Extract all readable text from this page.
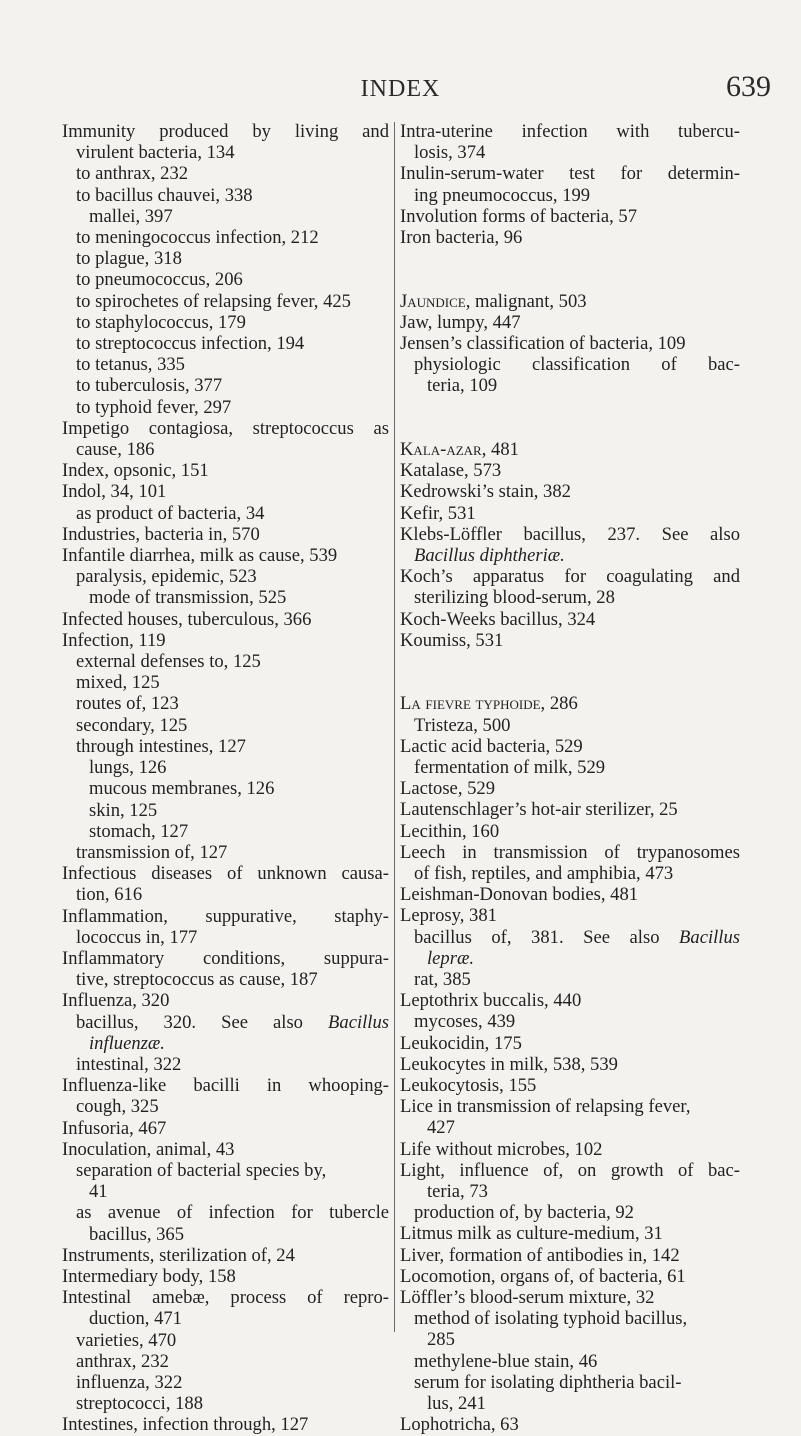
INDEX	639
Immunity produced by living and
virulent bacteria, 134
to anthrax, 232
to bacillus chauvei, 338
mallei, 397
to meningococcus infection, 212
to plague, 318
to pneumococcus, 206
to spirochetes of relapsing fever, 425
to staphylococcus, 179
to streptococcus infection, 194
to tetanus, 335
to tuberculosis, 377
to typhoid fever, 297
Impetigo contagiosa, streptococcus as
cause, 186
Index, opsonic, 151
Indol, 34, 101
as product of bacteria, 34
Industries, bacteria in, 570
Infantile diarrhea, milk as cause, 539
paralysis, epidemic, 523
mode of transmission, 525
Infected houses, tuberculous, 366
Infection, 119
external defenses to, 125
mixed, 125
routes of, 123
secondary, 125
through intestines, 127
lungs, 126
mucous membranes, 126
skin, 125
stomach, 127
transmission of, 127
Infectious diseases of unknown causa-
tion, 616
Inflammation, suppurative, staphy-
lococcus in, 177
Inflammatory conditions, suppura-
tive, streptococcus as cause, 187
Influenza, 320
bacillus, 320. See also Bacillus
influenzæ.
intestinal, 322
Influenza-like bacilli in whooping-
cough, 325
Infusoria, 467
Inoculation, animal, 43
separation of bacterial species by,
41
as avenue of infection for tubercle
bacillus, 365
Instruments, sterilization of, 24
Intermediary body, 158
Intestinal amebæ, process of repro-
duction, 471
varieties, 470
anthrax, 232
influenza, 322
streptococci, 188
Intestines, infection through, 127
Intra-uterine infection with tubercu-
losis, 374
Inulin-serum-water test for determin-
ing pneumococcus, 199
Involution forms of bacteria, 57
Iron bacteria, 96
Jaundice, malignant, 503
Jaw, lumpy, 447
Jensen’s classification of bacteria, 109
physiologic classification of bac-
teria, 109
Kala-azar, 481
Katalase, 573
Kedrowski’s stain, 382
Kefir, 531
Klebs-Löffler bacillus, 237. See also
Bacillus diphtheriæ.
Koch’s apparatus for coagulating and
sterilizing blood-serum, 28
Koch-Weeks bacillus, 324
Koumiss, 531
La fievre typhoide, 286
Tristeza, 500
Lactic acid bacteria, 529
fermentation of milk, 529
Lactose, 529
Lautenschlager’s hot-air sterilizer, 25
Lecithin, 160
Leech in transmission of trypanosomes
of fish, reptiles, and amphibia, 473
Leishman-Donovan bodies, 481
Leprosy, 381
bacillus of, 381. See also Bacillus
lepræ.
rat, 385
Leptothrix buccalis, 440
mycoses, 439
Leukocidin, 175
Leukocytes in milk, 538, 539
Leukocytosis, 155
Lice in transmission of relapsing fever,
427
Life without microbes, 102
Light, influence of, on growth of bac-
teria, 73
production of, by bacteria, 92
Litmus milk as culture-medium, 31
Liver, formation of antibodies in, 142
Locomotion, organs of, of bacteria, 61
Löffler’s blood-serum mixture, 32
method of isolating typhoid bacillus,
285
methylene-blue stain, 46
serum for isolating diphtheria bacil-
lus, 241
Lophotricha, 63
